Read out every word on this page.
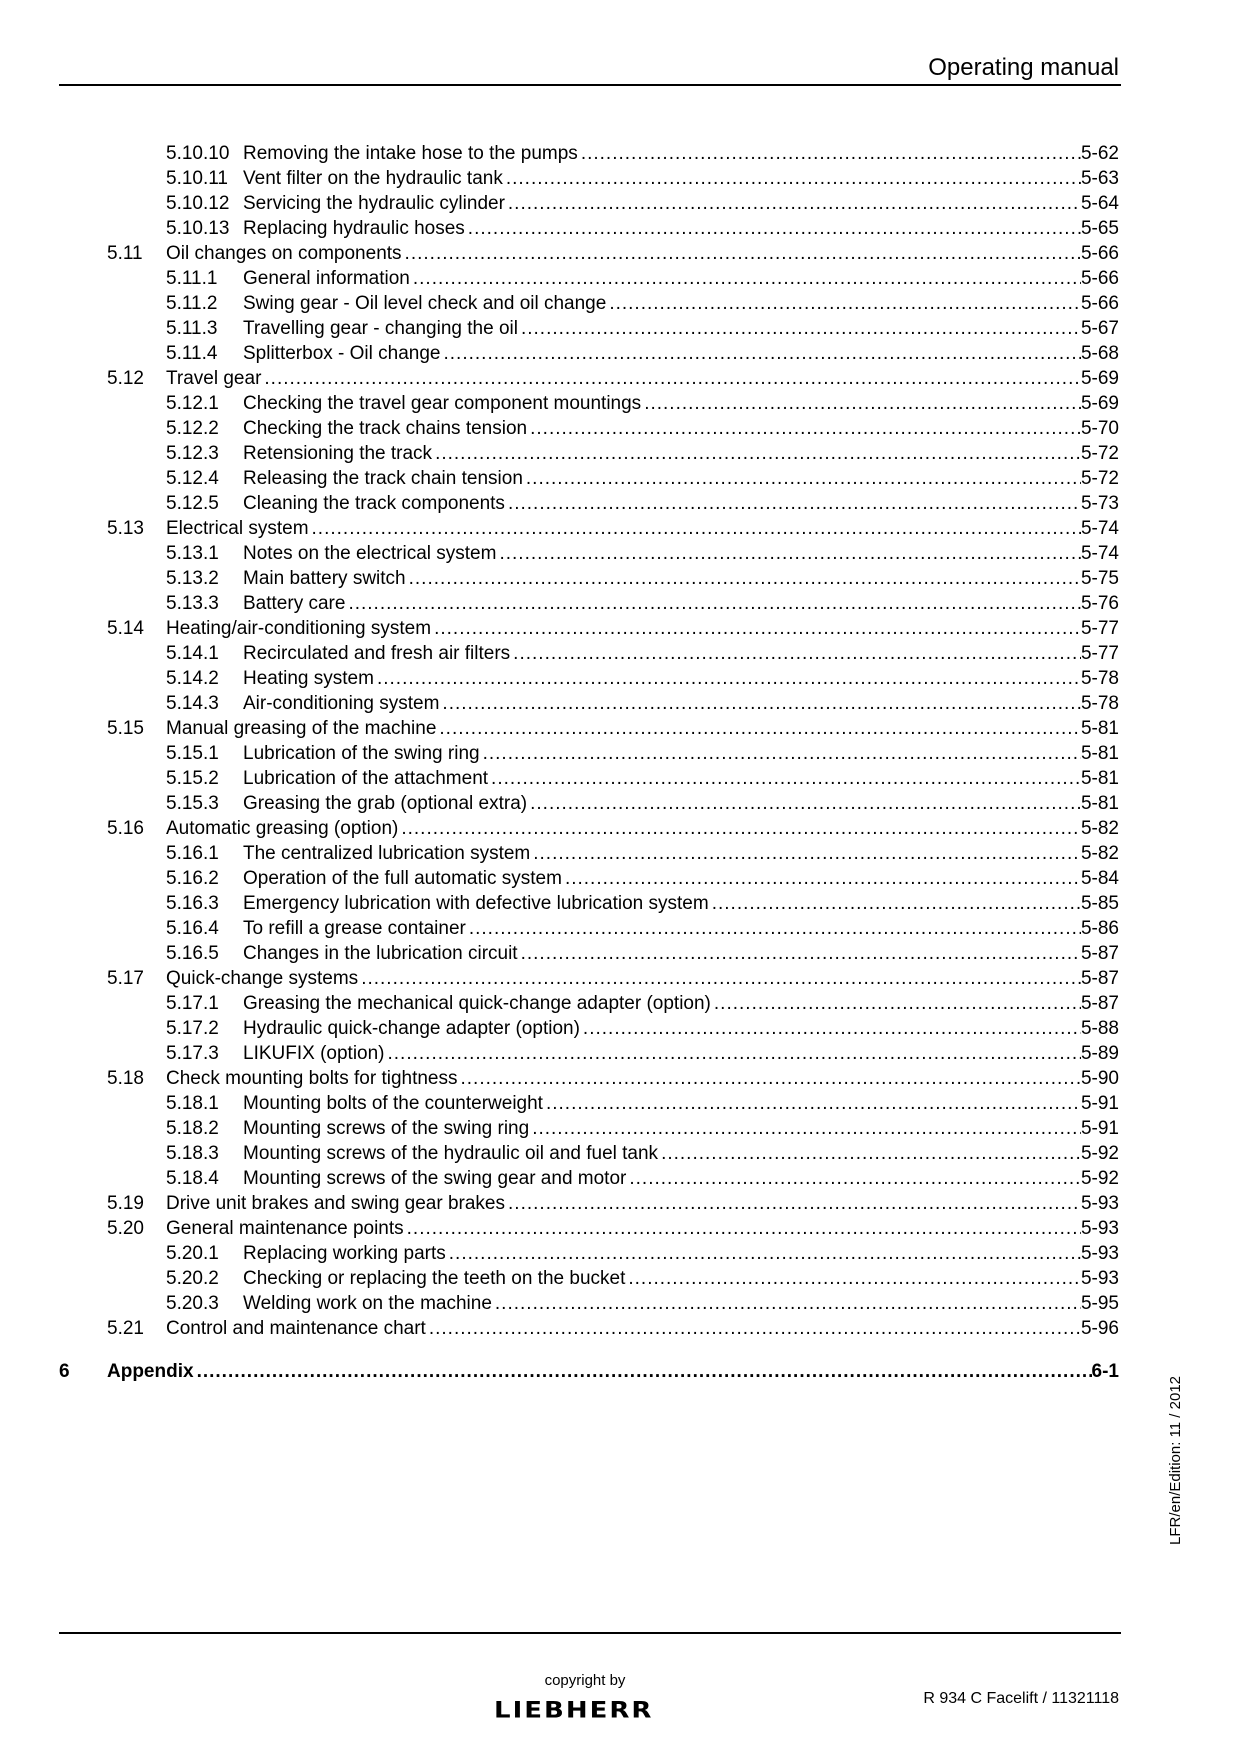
Operating manual
5.10.10 Removing the intake hose to the pumps .....	5-62
5.10.11 Vent filter on the hydraulic tank .....	5-63
5.10.12 Servicing the hydraulic cylinder .....	5-64
5.10.13 Replacing hydraulic hoses .....	5-65
5.11 Oil changes on components .....	5-66
5.11.1 General information .....	5-66
5.11.2 Swing gear - Oil level check and oil change .....	5-66
5.11.3 Travelling gear - changing the oil .....	5-67
5.11.4 Splitterbox - Oil change .....	5-68
5.12 Travel gear .....	5-69
5.12.1 Checking the travel gear component mountings .....	5-69
5.12.2 Checking the track chains tension .....	5-70
5.12.3 Retensioning the track .....	5-72
5.12.4 Releasing the track chain tension .....	5-72
5.12.5 Cleaning the track components .....	5-73
5.13 Electrical system .....	5-74
5.13.1 Notes on the electrical system .....	5-74
5.13.2 Main battery switch .....	5-75
5.13.3 Battery care .....	5-76
5.14 Heating/air-conditioning system .....	5-77
5.14.1 Recirculated and fresh air filters .....	5-77
5.14.2 Heating system .....	5-78
5.14.3 Air-conditioning system .....	5-78
5.15 Manual greasing of the machine .....	5-81
5.15.1 Lubrication of the swing ring .....	5-81
5.15.2 Lubrication of the attachment .....	5-81
5.15.3 Greasing the grab (optional extra) .....	5-81
5.16 Automatic greasing (option) .....	5-82
5.16.1 The centralized lubrication system .....	5-82
5.16.2 Operation of the full automatic system .....	5-84
5.16.3 Emergency lubrication with defective lubrication system .....	5-85
5.16.4 To refill a grease container .....	5-86
5.16.5 Changes in the lubrication circuit .....	5-87
5.17 Quick-change systems .....	5-87
5.17.1 Greasing the mechanical quick-change adapter (option) .....	5-87
5.17.2 Hydraulic quick-change adapter (option) .....	5-88
5.17.3 LIKUFIX (option) .....	5-89
5.18 Check mounting bolts for tightness .....	5-90
5.18.1 Mounting bolts of the counterweight .....	5-91
5.18.2 Mounting screws of the swing ring .....	5-91
5.18.3 Mounting screws of the hydraulic oil and fuel tank .....	5-92
5.18.4 Mounting screws of the swing gear and motor .....	5-92
5.19 Drive unit brakes and swing gear brakes .....	5-93
5.20 General maintenance points .....	5-93
5.20.1 Replacing working parts .....	5-93
5.20.2 Checking or replacing the teeth on the bucket .....	5-93
5.20.3 Welding work on the machine .....	5-95
5.21 Control and maintenance chart .....	5-96
6 Appendix .....	6-1
LFR/en/Edition: 11 / 2012
copyright by
LIEBHERR	R 934 C Facelift / 11321118
